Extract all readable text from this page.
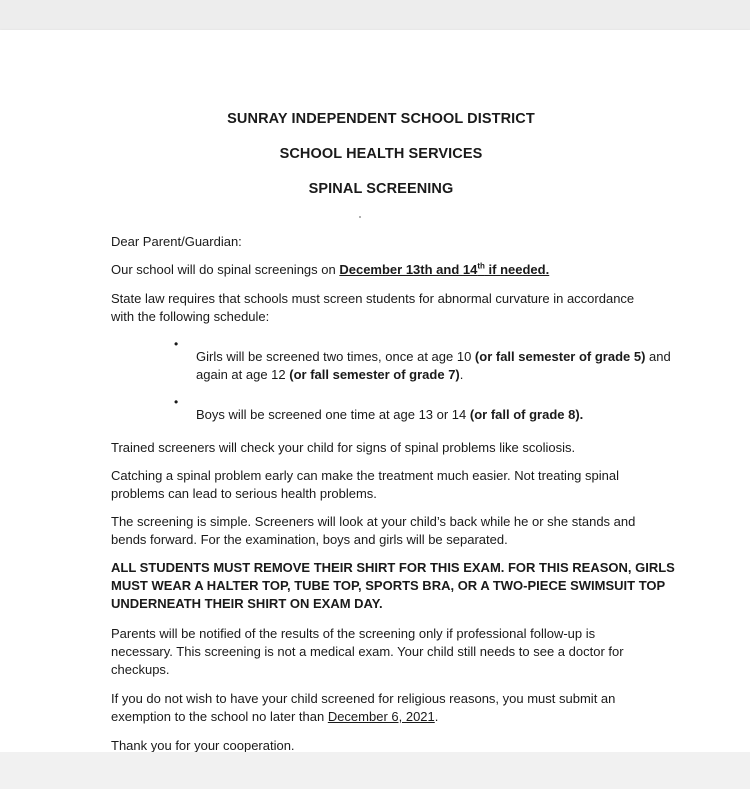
SUNRAY INDEPENDENT SCHOOL DISTRICT

SCHOOL HEALTH SERVICES

SPINAL SCREENING

Dear Parent/Guardian:

Our school will do spinal screenings on December 13th and 14th if needed.

State law requires that schools must screen students for abnormal curvature in accordance with the following schedule:

•

Girls will be screened two times, once at age 10 (or fall semester of grade 5) and again at age 12 (or fall semester of grade 7).

•

Boys will be screened one time at age 13 or 14 (or fall of grade 8).

Trained screeners will check your child for signs of spinal problems like scoliosis.

Catching a spinal problem early can make the treatment much easier. Not treating spinal problems can lead to serious health problems.

The screening is simple. Screeners will look at your child’s back while he or she stands and bends forward. For the examination, boys and girls will be separated.

ALL STUDENTS MUST REMOVE THEIR SHIRT FOR THIS EXAM. FOR THIS REASON, GIRLS MUST WEAR A HALTER TOP, TUBE TOP, SPORTS BRA, OR A TWO-PIECE SWIMSUIT TOP UNDERNEATH THEIR SHIRT ON EXAM DAY.

Parents will be notified of the results of the screening only if professional follow-up is necessary. This screening is not a medical exam. Your child still needs to see a doctor for checkups.

If you do not wish to have your child screened for religious reasons, you must submit an exemption to the school no later than December 6, 2021.

Thank you for your cooperation.
